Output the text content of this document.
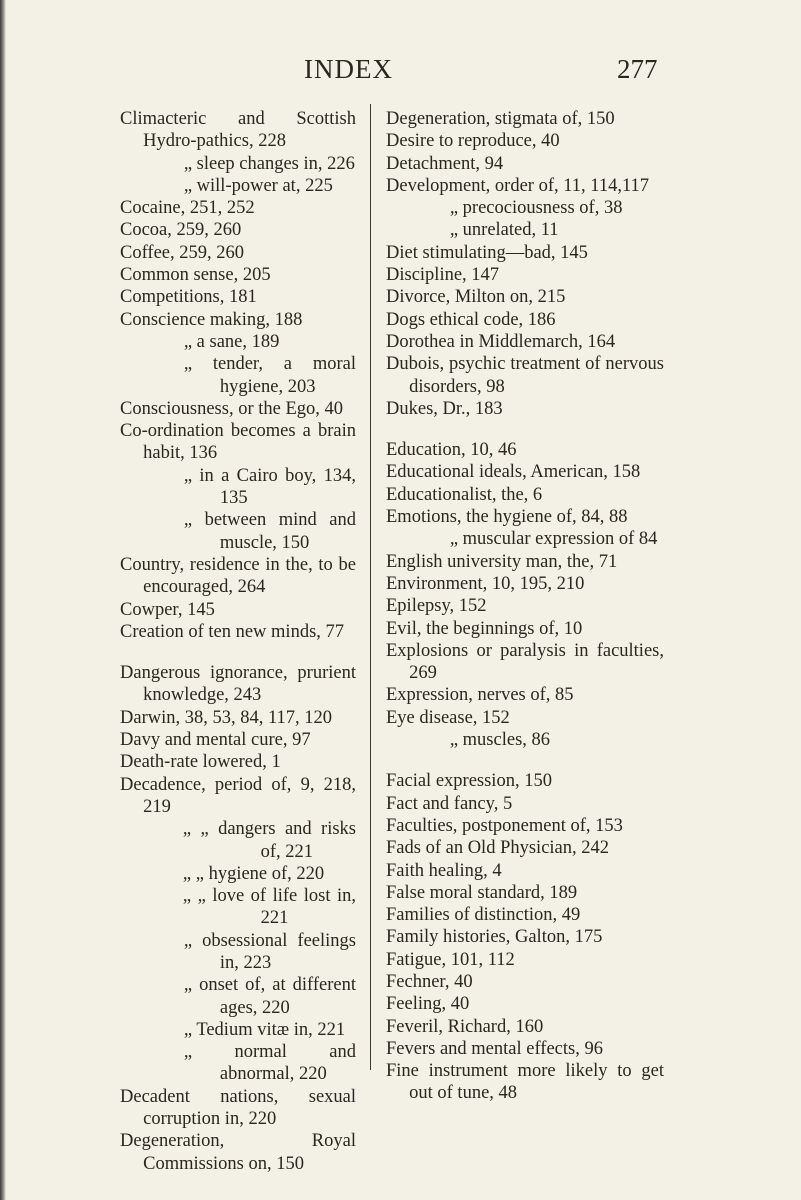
INDEX	277
Climacteric and Scottish Hydro-pathics, 228
„ sleep changes in, 226
„ will-power at, 225
Cocaine, 251, 252
Cocoa, 259, 260
Coffee, 259, 260
Common sense, 205
Competitions, 181
Conscience making, 188
„ a sane, 189
„ tender, a moral hygiene, 203
Consciousness, or the Ego, 40
Co-ordination becomes a brain habit, 136
„ in a Cairo boy, 134, 135
„ between mind and muscle, 150
Country, residence in the, to be encouraged, 264
Cowper, 145
Creation of ten new minds, 77
Dangerous ignorance, prurient knowledge, 243
Darwin, 38, 53, 84, 117, 120
Davy and mental cure, 97
Death-rate lowered, 1
Decadence, period of, 9, 218, 219
„ „ dangers and risks of, 221
„ „ hygiene of, 220
„ „ love of life lost in, 221
„ obsessional feelings in, 223
„ onset of, at different ages, 220
„ Tedium vitæ in, 221
„ normal and abnormal, 220
Decadent nations, sexual corruption in, 220
Degeneration, Royal Commissions on, 150
Degeneration, stigmata of, 150
Desire to reproduce, 40
Detachment, 94
Development, order of, 11, 114,117
„ precociousness of, 38
„ unrelated, 11
Diet stimulating—bad, 145
Discipline, 147
Divorce, Milton on, 215
Dogs ethical code, 186
Dorothea in Middlemarch, 164
Dubois, psychic treatment of nervous disorders, 98
Dukes, Dr., 183
Education, 10, 46
Educational ideals, American, 158
Educationalist, the, 6
Emotions, the hygiene of, 84, 88
„ muscular expression of 84
English university man, the, 71
Environment, 10, 195, 210
Epilepsy, 152
Evil, the beginnings of, 10
Explosions or paralysis in faculties, 269
Expression, nerves of, 85
Eye disease, 152
„ muscles, 86
Facial expression, 150
Fact and fancy, 5
Faculties, postponement of, 153
Fads of an Old Physician, 242
Faith healing, 4
False moral standard, 189
Families of distinction, 49
Family histories, Galton, 175
Fatigue, 101, 112
Fechner, 40
Feeling, 40
Feveril, Richard, 160
Fevers and mental effects, 96
Fine instrument more likely to get out of tune, 48
